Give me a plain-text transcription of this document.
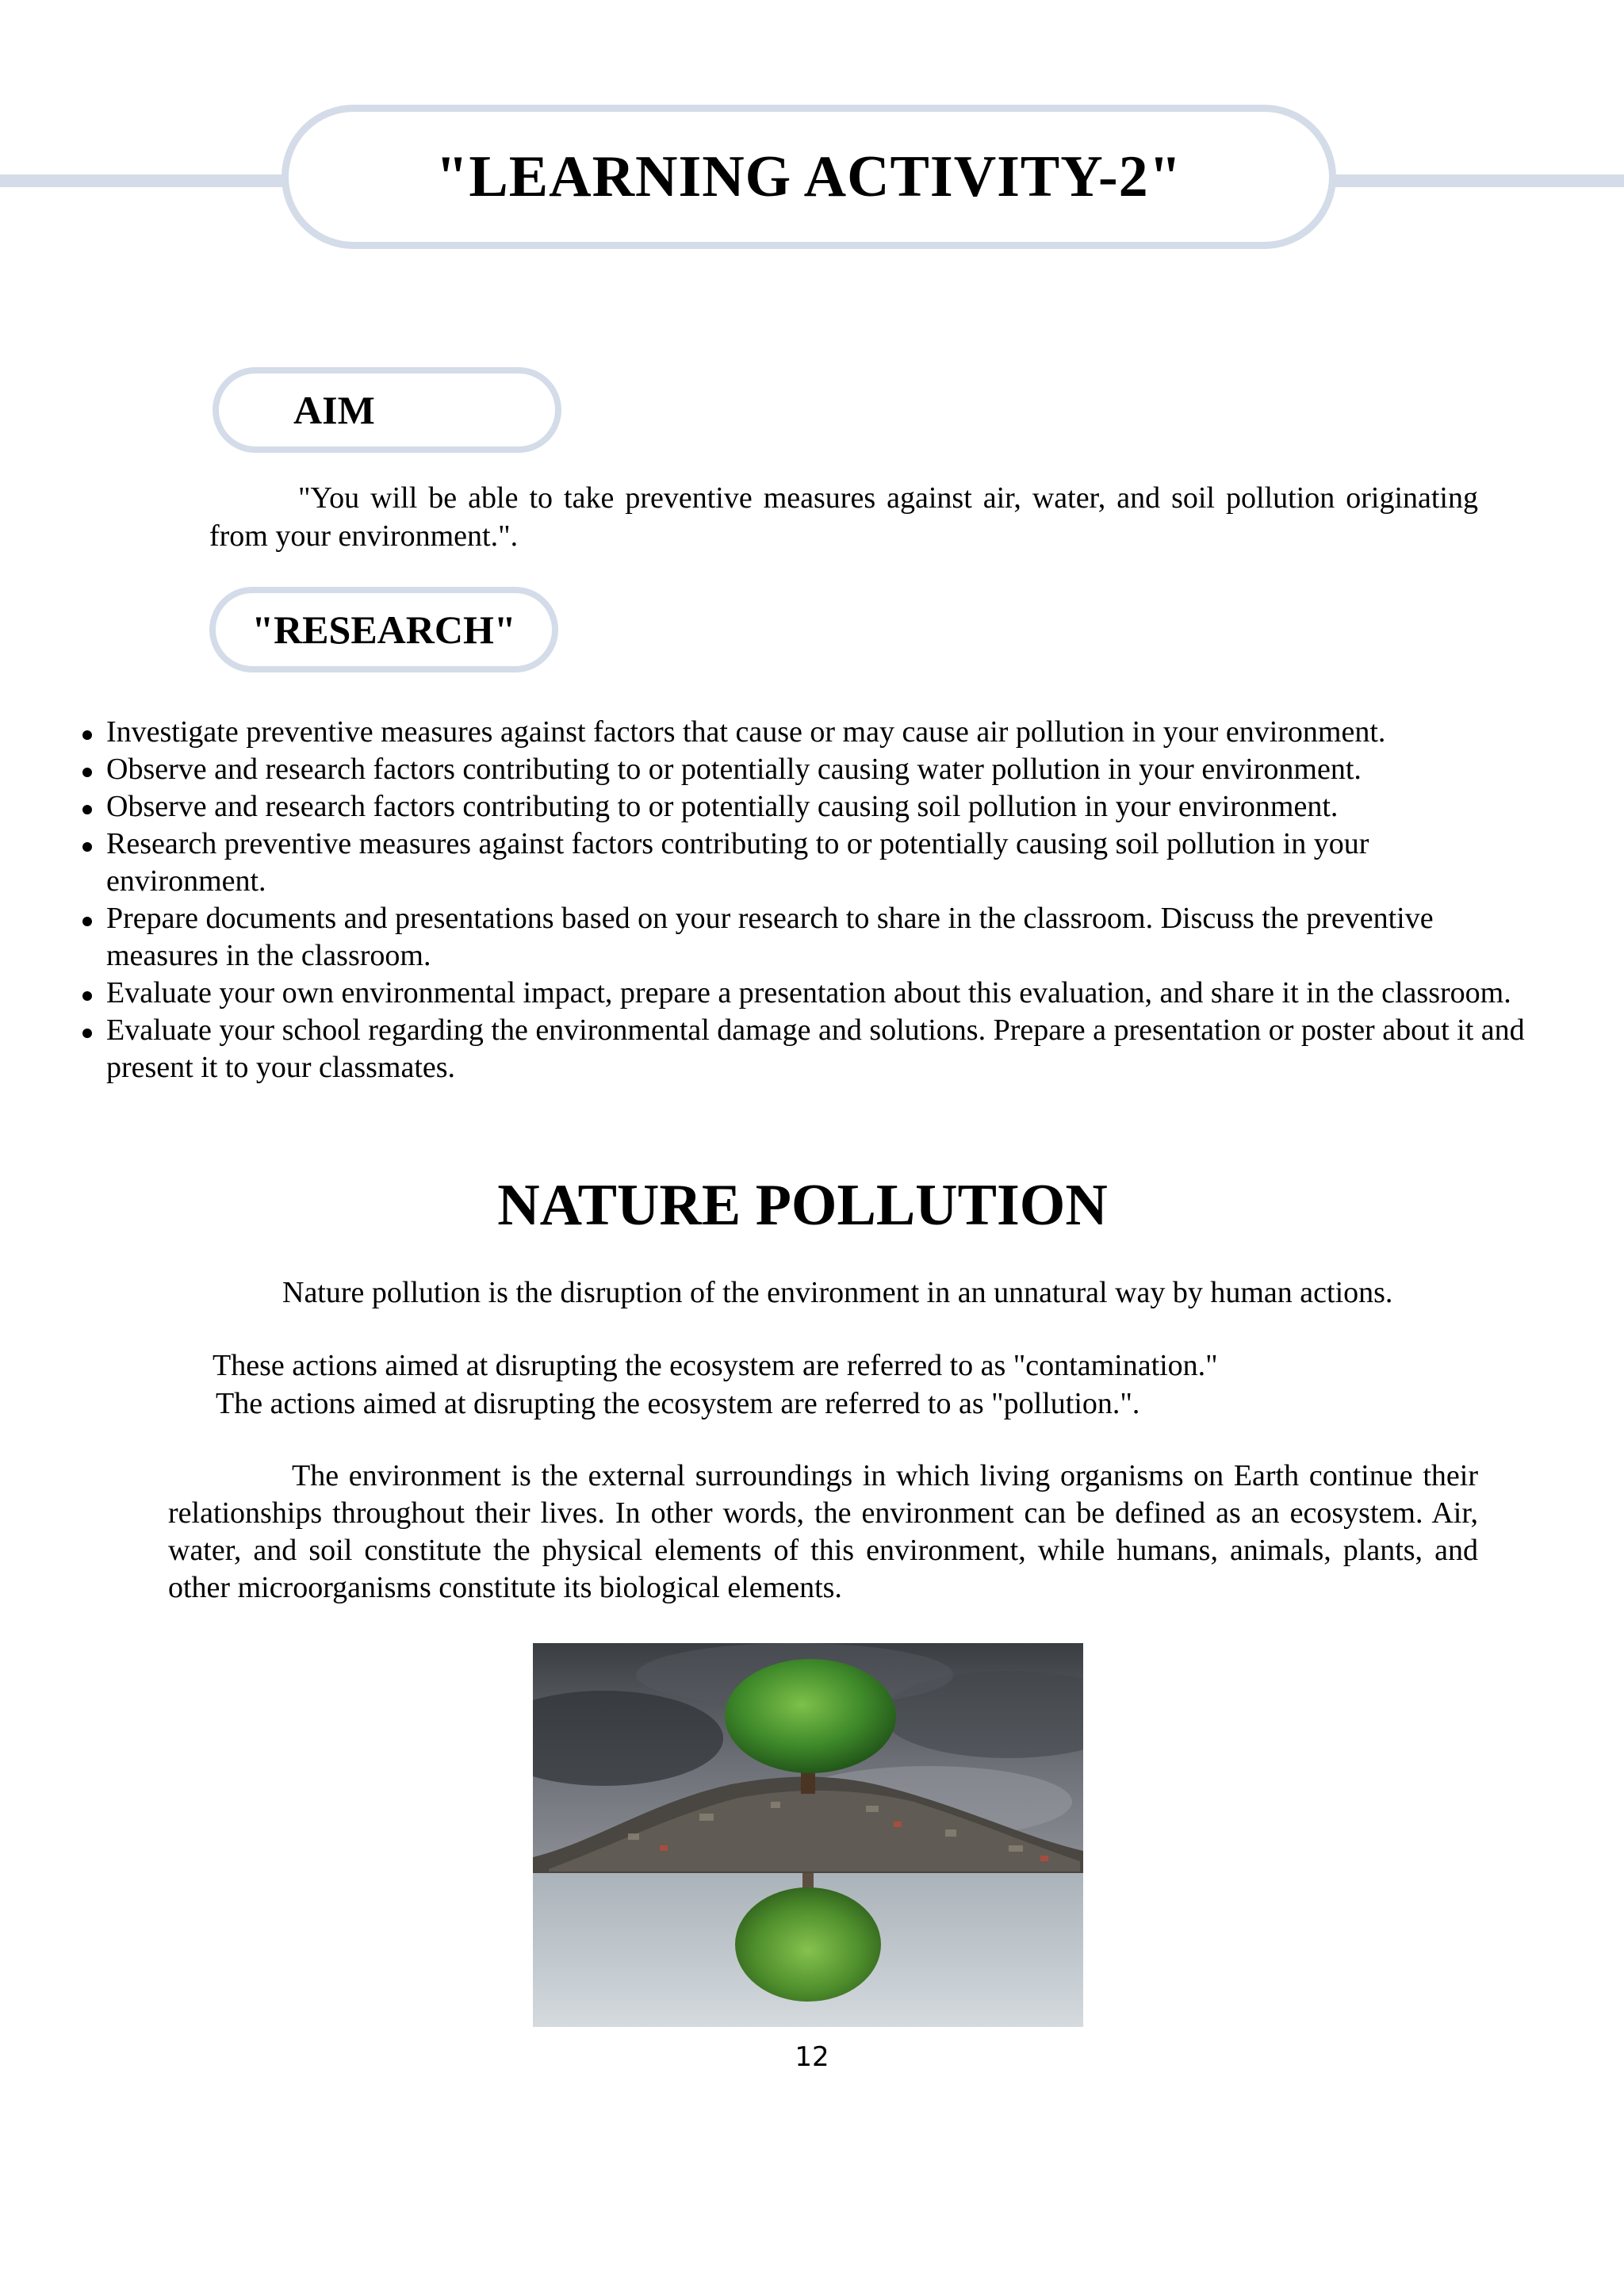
"LEARNING ACTIVITY-2"
AIM

"You will be able to take preventive measures against air, water, and soil pollution originating from your environment.".

"RESEARCH"
Investigate preventive measures against factors that cause or may cause air pollution in your environment.
Observe and research factors contributing to or potentially causing water pollution in your environment.
Observe and research factors contributing to or potentially causing soil pollution in your environment.
Research preventive measures against factors contributing to or potentially causing soil pollution in your environment.
Prepare documents and presentations based on your research to share in the classroom. Discuss the preventive measures in the classroom.
Evaluate your own environmental impact, prepare a presentation about this evaluation, and share it in the classroom.
Evaluate your school regarding the environmental damage and solutions. Prepare a presentation or poster about it and present it to your classmates.
NATURE POLLUTION

Nature pollution is the disruption of the environment in an unnatural way by human actions.

These actions aimed at disrupting the ecosystem are referred to as "contamination."

The actions aimed at disrupting the ecosystem are referred to as "pollution.".

The environment is the external surroundings in which living organisms on Earth continue their relationships throughout their lives. In other words, the environment can be defined as an ecosystem. Air, water, and soil constitute the physical elements of this environment, while humans, animals, plants, and other microorganisms constitute its biological elements.

12
